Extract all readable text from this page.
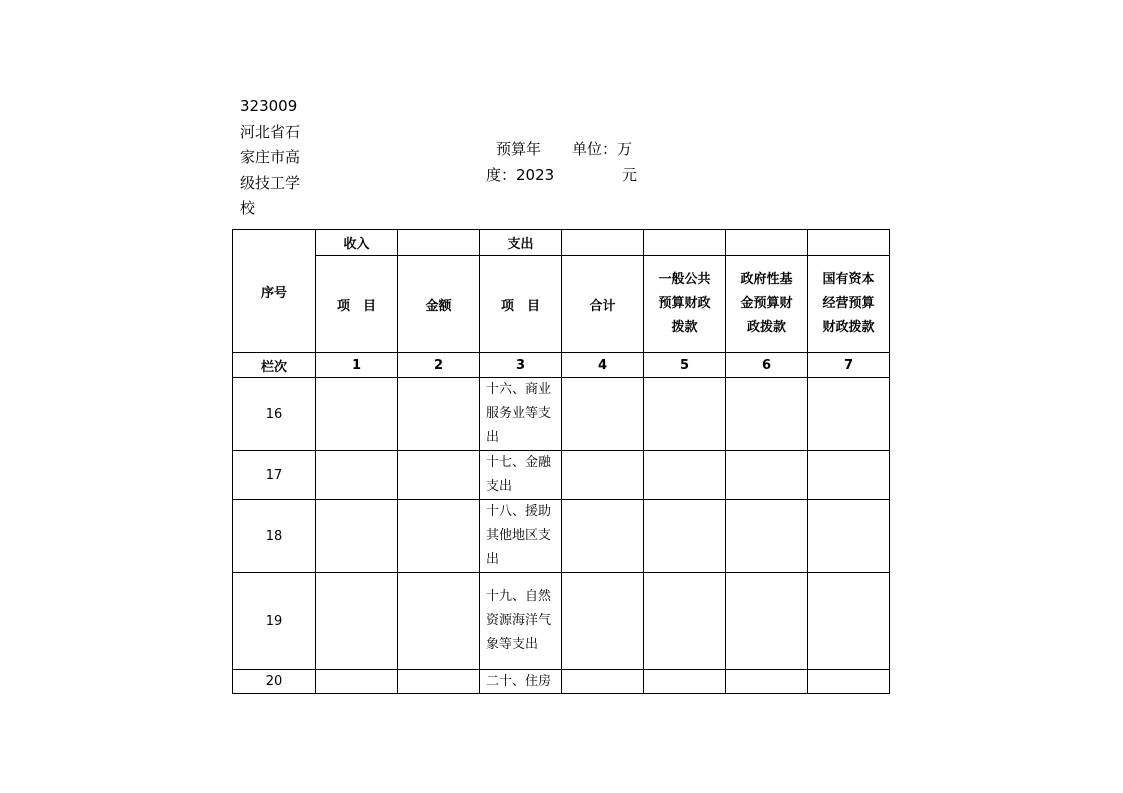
323009
河北省石
家庄市高
级技工学
校
预算年
度：2023
单位：万
元
序号	收入		支出				
	项　目	金额	项　目	合计	一般公共预算财政拨款	政府性基金预算财政拨款	国有资本经营预算财政拨款

栏次	1	2	3	4	5	6	7
16			十六、商业服务业等支出				
17			十七、金融支出				
18			十八、援助其他地区支出				
19			十九、自然资源海洋气象等支出				
20			二十、住房				
